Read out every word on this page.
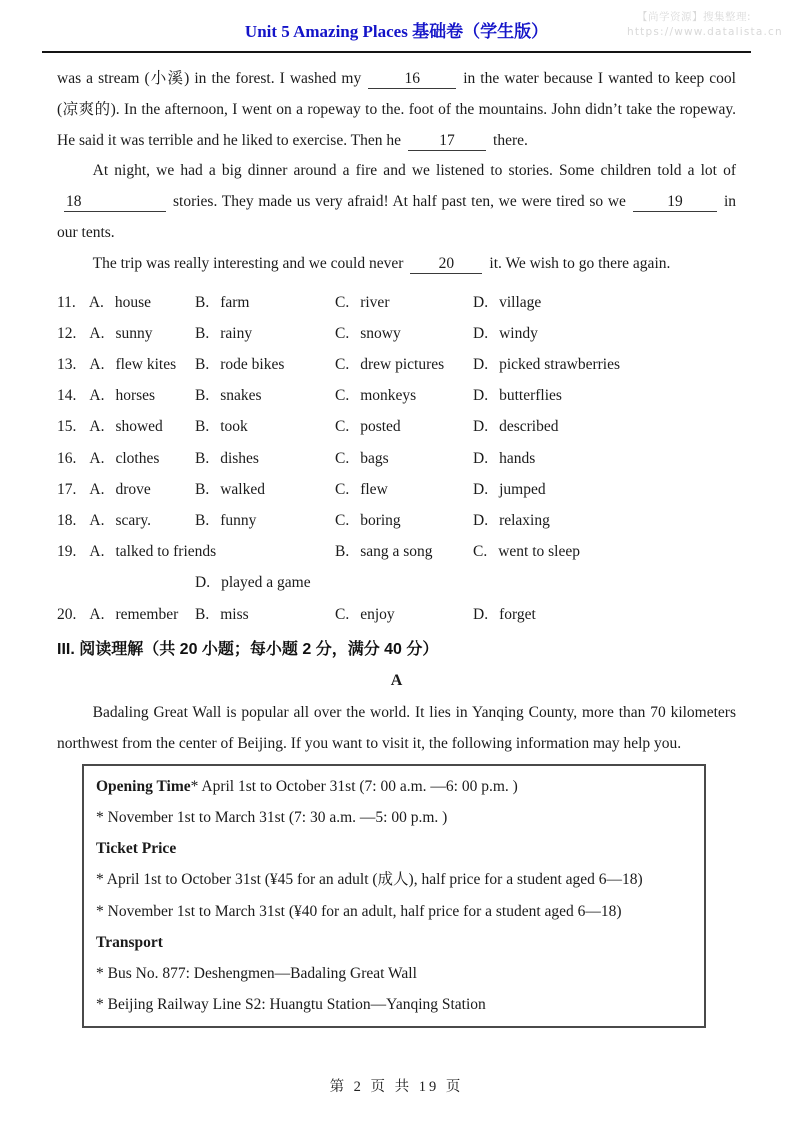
【尚学资源】搜集整理:
https://www.datalista.cn
Unit 5 Amazing Places 基础卷（学生版）

was a stream (小溪) in the forest. I washed my	16	in the water because I wanted to keep cool (凉爽的). In the afternoon, I went on a ropeway to the. foot of the mountains. John didn’t take the ropeway. He said it was terrible and he liked to exercise. Then he 17 there.

At night, we had a big dinner around a fire and we listened to stories. Some children told a lot of18	stories. They made us very afraid! At half past ten, we were tired so we	19	in our tents.

The trip was really interesting and we could never 20 it. We wish to go there again.

11. A. house	B. farm	C. river	D. village
12. A. sunny	B. rainy	C. snowy	D. windy
13. A. flew kites	B. rode bikes	C. drew pictures	D. picked strawberries
14. A. horses	B. snakes	C. monkeys	D. butterflies
15. A. showed	B. took	C. posted	D. described
16. A. clothes	B. dishes	C. bags	D. hands
17. A. drove	B. walked	C. flew	D. jumped
18. A. scary.	B. funny	C. boring	D. relaxing
19. A. talked to friends	B. sang a song	C. went to sleep
D. played a game
20. A. remember	B. miss	C. enjoy	D. forget
III. 阅读理解（共 20 小题；每小题 2 分，满分 40 分）
A

Badaling Great Wall is popular all over the world. It lies in Yanqing County, more than 70 kilometers northwest from the center of Beijing. If you want to visit it, the following information may help you.

Opening Time* April 1st to October 31st (7: 00 a.m. —6: 00 p.m. )

* November 1st to March 31st (7: 30 a.m. —5: 00 p.m. )

Ticket Price

* April 1st to October 31st (¥45 for an adult (成人), half price for a student aged 6—18)

* November 1st to March 31st (¥40 for an adult, half price for a student aged 6—18)

Transport

* Bus No. 877: Deshengmen—Badaling Great Wall

* Beijing Railway Line S2: Huangtu Station—Yanqing Station

第 2 页 共 19 页
